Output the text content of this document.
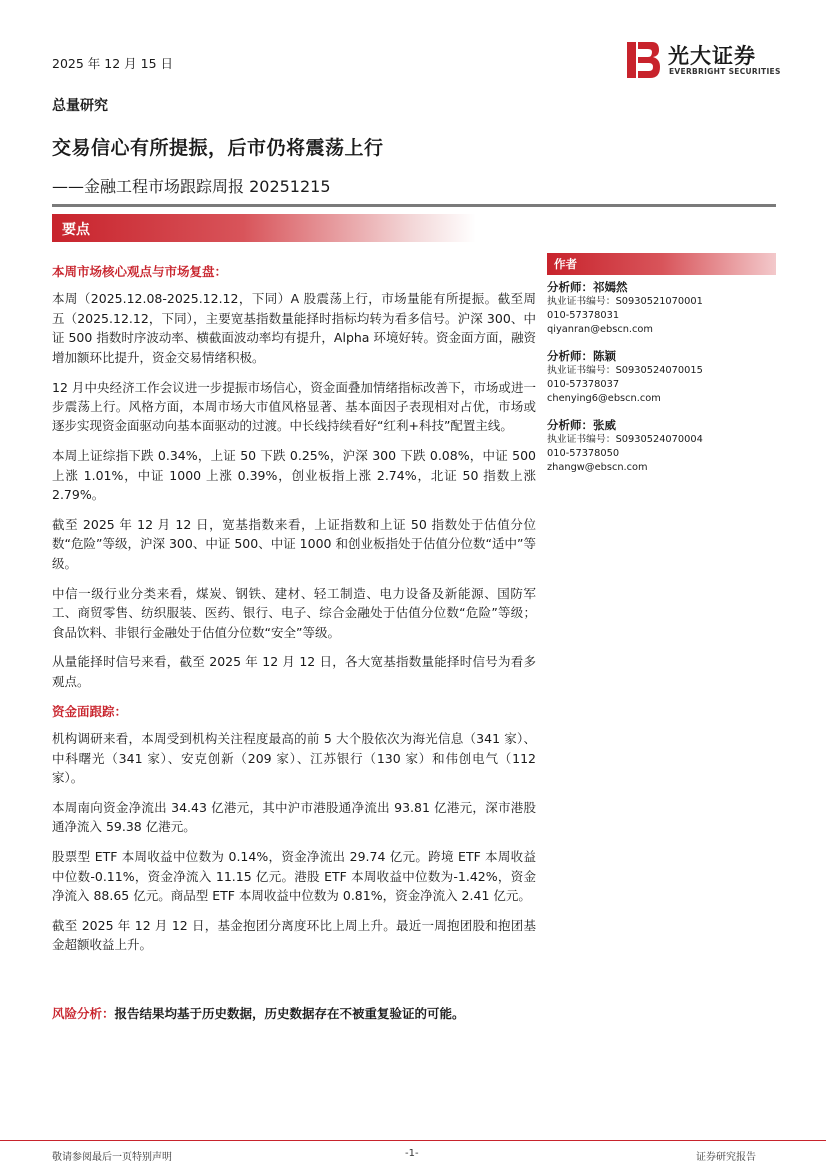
2025 年 12 月 15 日	光大证券
EVERBRIGHT SECURITIES
总量研究
交易信心有所提振，后市仍将震荡上行
——金融工程市场跟踪周报 20251215
要点

本周市场核心观点与市场复盘：

本周（2025.12.08-2025.12.12，下同）A 股震荡上行，市场量能有所提振。截至周五（2025.12.12，下同），主要宽基指数量能择时指标均转为看多信号。沪深 300、中证 500 指数时序波动率、横截面波动率均有提升，Alpha 环境好转。资金面方面，融资增加额环比提升，资金交易情绪积极。

12 月中央经济工作会议进一步提振市场信心，资金面叠加情绪指标改善下，市场或进一步震荡上行。风格方面，本周市场大市值风格显著、基本面因子表现相对占优，市场或逐步实现资金面驱动向基本面驱动的过渡。中长线持续看好“红利+科技”配置主线。

本周上证综指下跌 0.34%，上证 50 下跌 0.25%，沪深 300 下跌 0.08%，中证 500 上涨 1.01%，中证 1000 上涨 0.39%，创业板指上涨 2.74%，北证 50 指数上涨 2.79%。

截至 2025 年 12 月 12 日，宽基指数来看，上证指数和上证 50 指数处于估值分位数“危险”等级，沪深 300、中证 500、中证 1000 和创业板指处于估值分位数“适中”等级。

中信一级行业分类来看，煤炭、钢铁、建材、轻工制造、电力设备及新能源、国防军工、商贸零售、纺织服装、医药、银行、电子、综合金融处于估值分位数“危险”等级；食品饮料、非银行金融处于估值分位数“安全”等级。

从量能择时信号来看，截至 2025 年 12 月 12 日，各大宽基指数量能择时信号为看多观点。

资金面跟踪：

机构调研来看，本周受到机构关注程度最高的前 5 大个股依次为海光信息（341 家）、中科曙光（341 家）、安克创新（209 家）、江苏银行（130 家）和伟创电气（112 家）。

本周南向资金净流出 34.43 亿港元，其中沪市港股通净流出 93.81 亿港元，深市港股通净流入 59.38 亿港元。

股票型 ETF 本周收益中位数为 0.14%，资金净流出 29.74 亿元。跨境 ETF 本周收益中位数-0.11%，资金净流入 11.15 亿元。港股 ETF 本周收益中位数为-1.42%，资金净流入 88.65 亿元。商品型 ETF 本周收益中位数为 0.81%，资金净流入 2.41 亿元。

截至 2025 年 12 月 12 日，基金抱团分离度环比上周上升。最近一周抱团股和抱团基金超额收益上升。

风险分析：报告结果均基于历史数据，历史数据存在不被重复验证的可能。
作者
分析师：祁嫣然
执业证书编号：S0930521070001
010-57378031
qiyanran@ebscn.com
分析师：陈颖
执业证书编号：S0930524070015
010-57378037
chenying6@ebscn.com
分析师：张威
执业证书编号：S0930524070004
010-57378050
zhangw@ebscn.com
敬请参阅最后一页特别声明	-1-	证券研究报告
